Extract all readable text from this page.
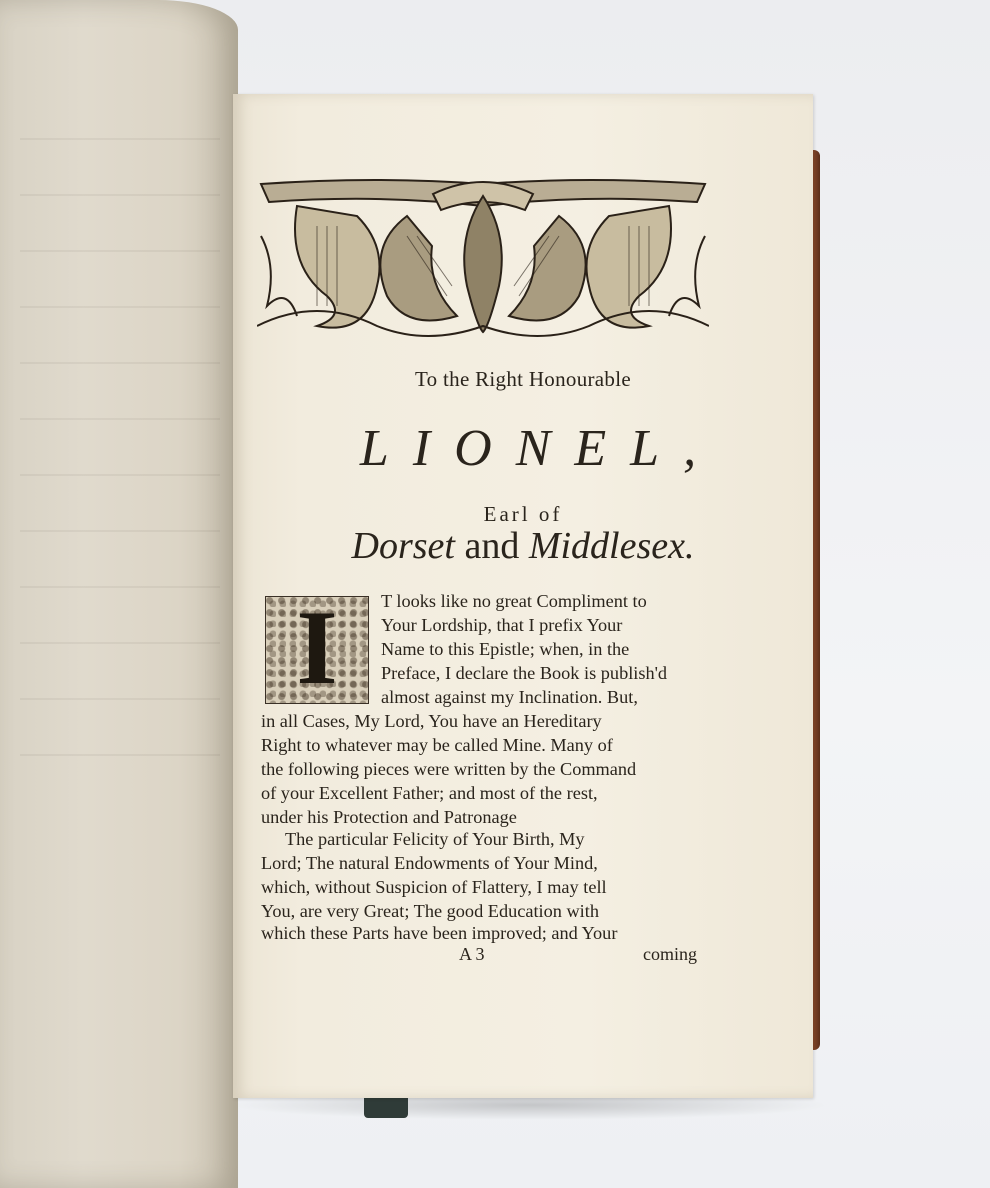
To the Right Honourable
LIONEL,
Earl of
Dorset and Middlesex.
I	T looks like no great Compliment to
Your Lordship, that I prefix Your
Name to this Epistle; when, in the
Preface, I declare the Book is publish'd
almost against my Inclination. But,
in all Cases, My Lord, You have an Hereditary
Right to whatever may be called Mine. Many of
the following pieces were written by the Command
of your Excellent Father; and most of the rest,
under his Protection and Patronage
The particular Felicity of Your Birth, My
Lord; The natural Endowments of Your Mind,
which, without Suspicion of Flattery, I may tell
You, are very Great; The good Education with
which these Parts have been improved; and Your
A 3	coming
